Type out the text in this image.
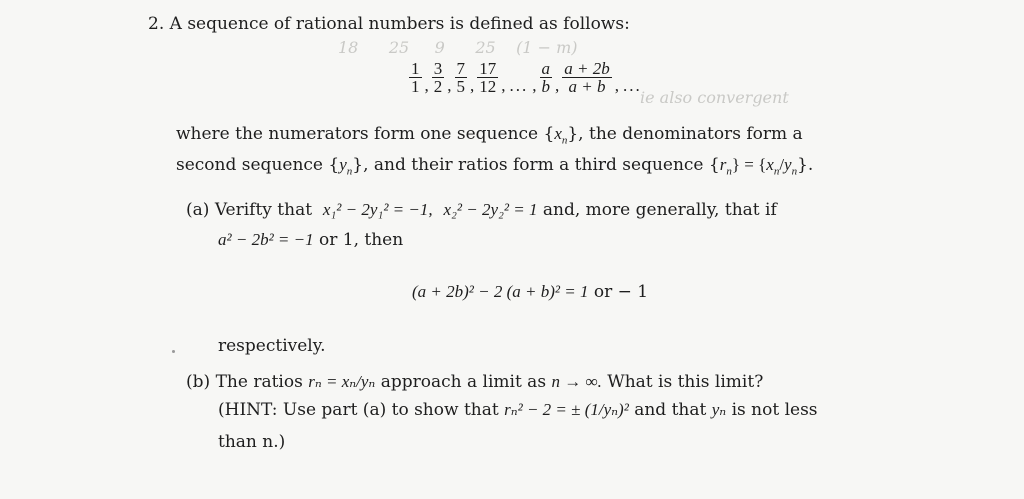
18      25     9      25    (1 − m)
ie also convergent
2. A sequence of rational numbers is defined as follows:
$\frac{1}{1}$ , $\frac{3}{2}$ , $\frac{7}{5}$ , $\frac{17}{12}$ , ... , $\frac{a}{b}$ , $\frac{a + 2b}{a + b}$ , ...
where the numerators form one sequence $\{x_n\}$, the denominators form a
second sequence $\{y_n\}$, and their ratios form a third sequence $\{r_n\} = \{x_n/y_n\}$.
(a) Verifty that x₁² − 2y₁² = −1, x₂² − 2y₂² = 1 and, more generally, that if
a² − 2b² = −1 or 1, then
(a + 2b)² − 2 (a + b)² = 1 or − 1
respectively.
(b) The ratios rₙ = xₙ/yₙ approach a limit as n → ∞. What is this limit?
(HINT: Use part (a) to show that rₙ² − 2 = ± (1/yₙ)² and that yₙ is not less
than n.)
